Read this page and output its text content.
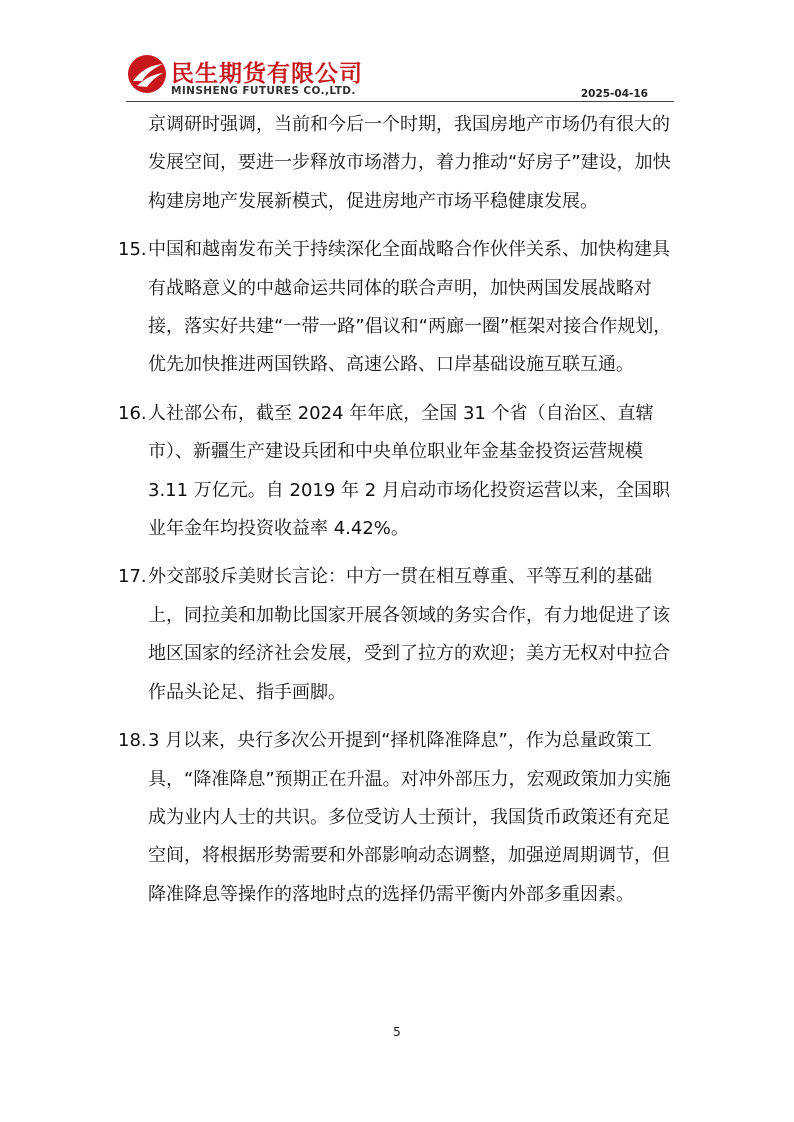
民生期货有限公司
MINSHENG FUTURES CO.,LTD.	2025-04-16

京调研时强调，当前和今后一个时期，我国房地产市场仍有很大的发展空间，要进一步释放市场潜力，着力推动“好房子”建设，加快构建房地产发展新模式，促进房地产市场平稳健康发展。

15. 中国和越南发布关于持续深化全面战略合作伙伴关系、加快构建具有战略意义的中越命运共同体的联合声明，加快两国发展战略对接，落实好共建“一带一路”倡议和“两廊一圈”框架对接合作规划，优先加快推进两国铁路、高速公路、口岸基础设施互联互通。
16. 人社部公布，截至 2024 年年底，全国 31 个省（自治区、直辖市）、新疆生产建设兵团和中央单位职业年金基金投资运营规模 3.11 万亿元。自 2019 年 2 月启动市场化投资运营以来，全国职业年金年均投资收益率 4.42%。
17. 外交部驳斥美财长言论：中方一贯在相互尊重、平等互利的基础上，同拉美和加勒比国家开展各领域的务实合作，有力地促进了该地区国家的经济社会发展，受到了拉方的欢迎；美方无权对中拉合作品头论足、指手画脚。
18. 3 月以来，央行多次公开提到“择机降准降息”，作为总量政策工具，“降准降息”预期正在升温。对冲外部压力，宏观政策加力实施成为业内人士的共识。多位受访人士预计，我国货币政策还有充足空间，将根据形势需要和外部影响动态调整，加强逆周期调节，但降准降息等操作的落地时点的选择仍需平衡内外部多重因素。
5
